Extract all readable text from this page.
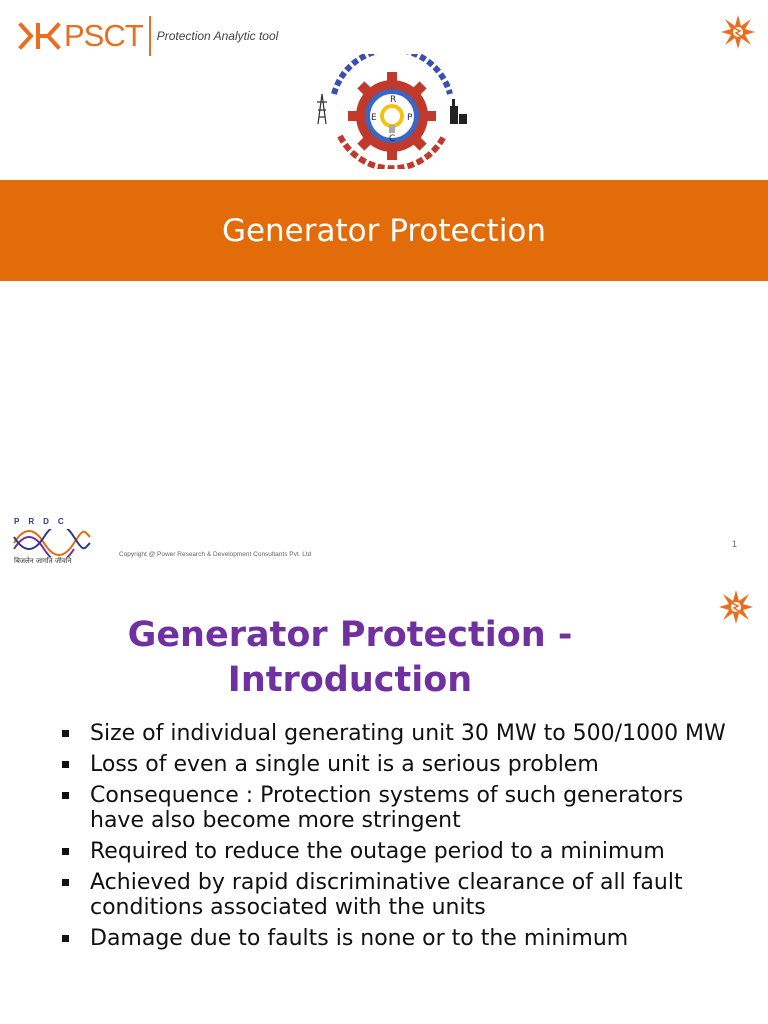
PSCT Protection Analytic tool
R
E	P
C
Generator Protection
PRDC
बिजलेन जागति जीवनि
Copyright @ Power Research & Development Consultants Pvt. Ltd
1
Generator Protection - Introduction
Size of individual generating unit 30 MW to 500/1000 MW
Loss of even a single unit is a serious problem
Consequence : Protection systems of such generators have also become more stringent
Required to reduce the outage period to a minimum
Achieved by rapid discriminative clearance of all fault conditions associated with the units
Damage due to faults is none or to the minimum
